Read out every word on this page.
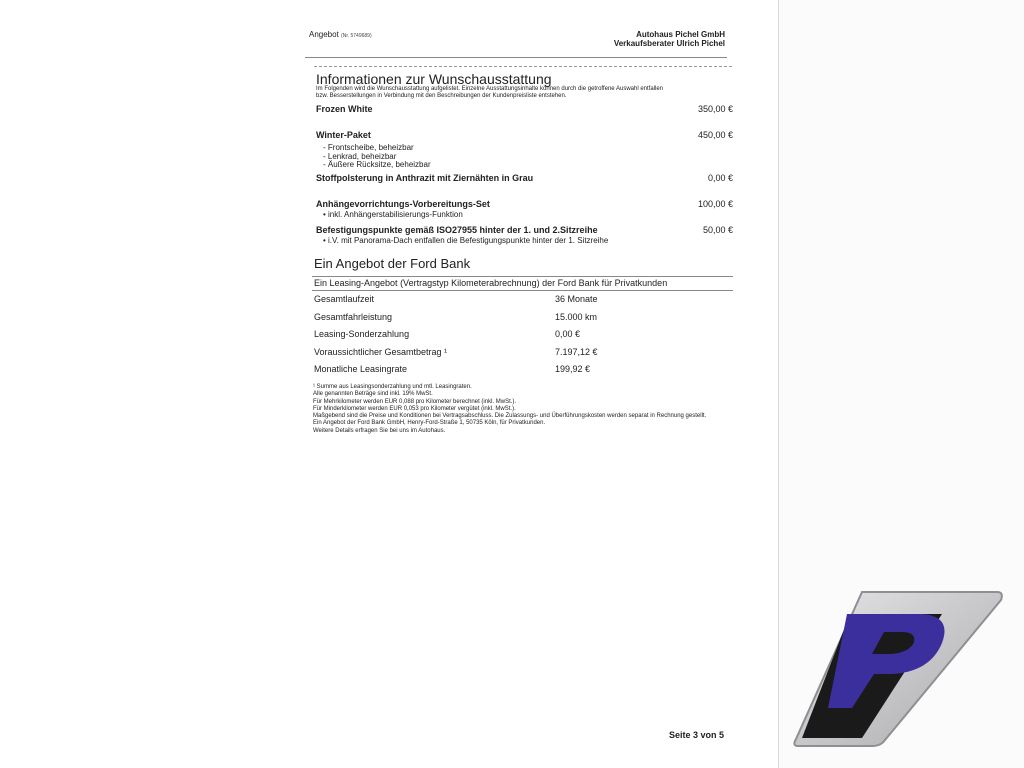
Angebot (Nr. 5749689)	Autohaus Pichel GmbH
Verkaufsberater Ulrich Pichel
Informationen zur Wunschausstattung
Im Folgenden wird die Wunschausstattung aufgelistet. Einzelne Ausstattungsinhalte können durch die getroffene Auswahl entfallen bzw. Besserstellungen in Verbindung mit den Beschreibungen der Kundenpreisliste entstehen.
Frozen White	350,00 €
Winter-Paket	450,00 €
- Frontscheibe, beheizbar
- Lenkrad, beheizbar
- Äußere Rücksitze, beheizbar
Stoffpolsterung in Anthrazit mit Ziernähten in Grau	0,00 €
Anhängevorrichtungs-Vorbereitungs-Set	100,00 €
• inkl. Anhängerstabilisierungs-Funktion
Befestigungspunkte gemäß ISO27955 hinter der 1. und 2.Sitzreihe	50,00 €
• i.V. mit Panorama-Dach entfallen die Befestigungspunkte hinter der 1. Sitzreihe
Ein Angebot der Ford Bank
Ein Leasing-Angebot (Vertragstyp Kilometerabrechnung) der Ford Bank für Privatkunden
Gesamtlaufzeit	36 Monate
Gesamtfahrleistung	15.000 km
Leasing-Sonderzahlung	0,00 €
Voraussichtlicher Gesamtbetrag ¹	7.197,12 €
Monatliche Leasingrate	199,92 €
¹ Summe aus Leasingsonderzahlung und mtl. Leasingraten.
Alle genannten Beträge sind inkl. 19% MwSt.
Für Mehrkilometer werden EUR 0,088 pro Kilometer berechnet (inkl. MwSt.).
Für Minderkilometer werden EUR 0,053 pro Kilometer vergütet (inkl. MwSt.).
Maßgebend sind die Preise und Konditionen bei Vertragsabschluss. Die Zulassungs- und Überführungskosten werden separat in Rechnung gestellt.
Ein Angebot der Ford Bank GmbH, Henry-Ford-Straße 1, 50735 Köln, für Privatkunden.
Weitere Details erfragen Sie bei uns im Autohaus.
Seite 3 von 5
